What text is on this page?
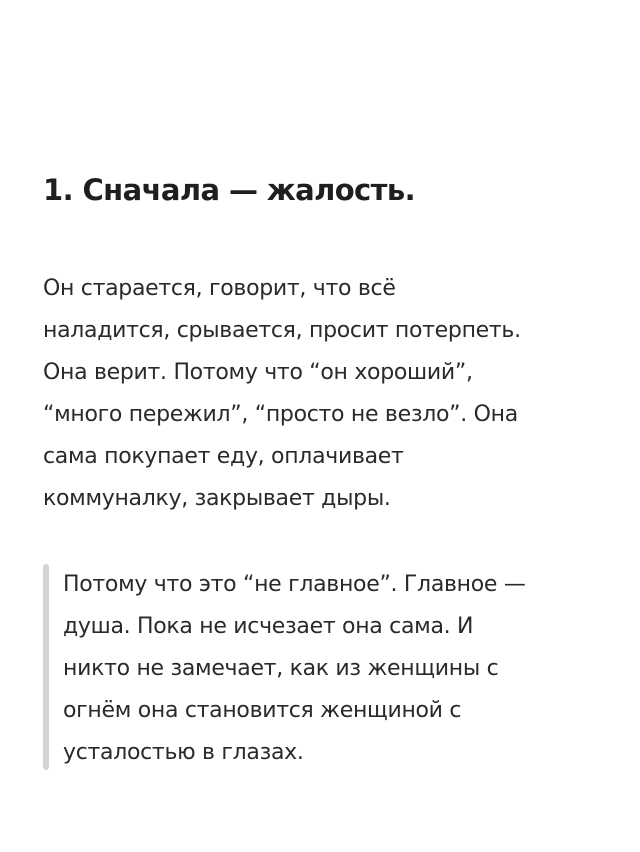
1. Сначала — жалость.

Он старается, говорит, что всё
наладится, срывается, просит потерпеть.
Она верит. Потому что “он хороший”,
“много пережил”, “просто не везло”. Она
сама покупает еду, оплачивает
коммуналку, закрывает дыры.

Потому что это “не главное”. Главное —
душа. Пока не исчезает она сама. И
никто не замечает, как из женщины с
огнём она становится женщиной с
усталостью в глазах.
